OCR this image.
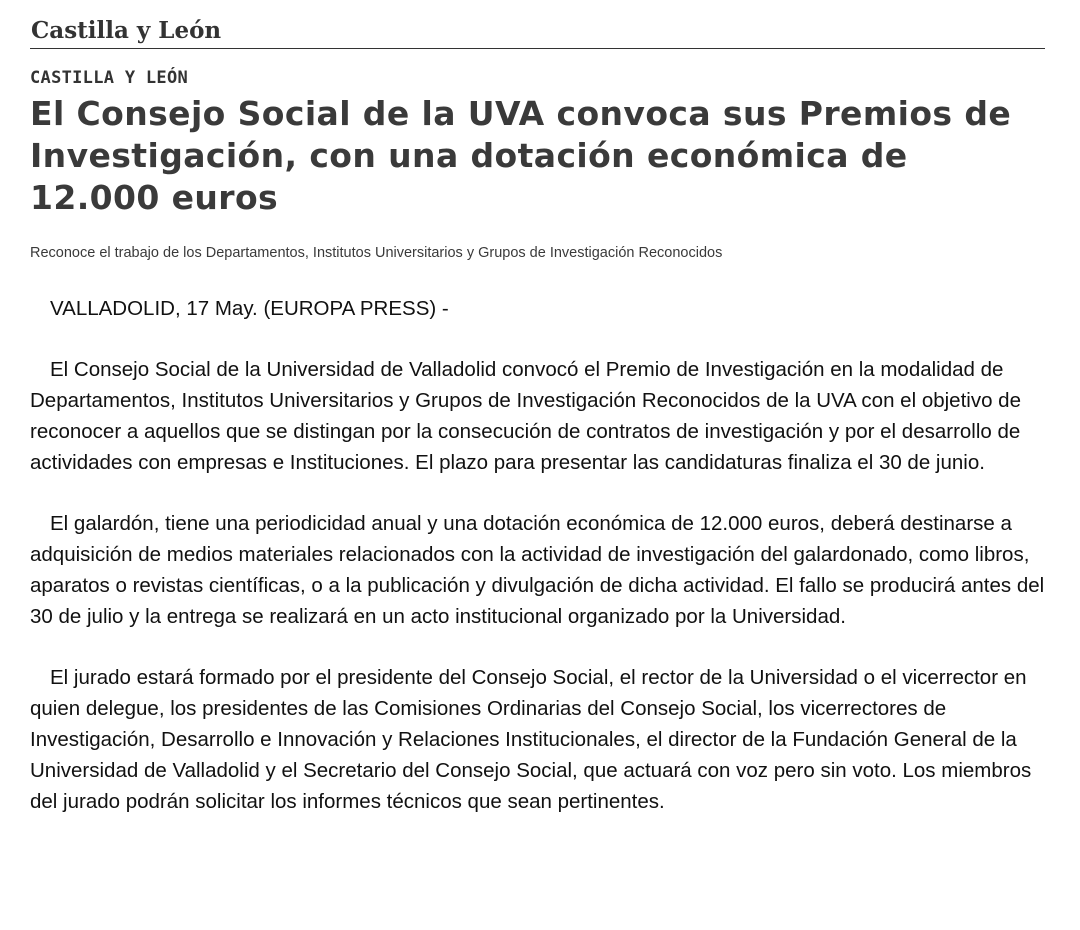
Castilla y León
CASTILLA Y LEÓN
El Consejo Social de la UVA convoca sus Premios de Investigación, con una dotación económica de 12.000 euros
Reconoce el trabajo de los Departamentos, Institutos Universitarios y Grupos de Investigación Reconocidos
VALLADOLID, 17 May. (EUROPA PRESS) -
El Consejo Social de la Universidad de Valladolid convocó el Premio de Investigación en la modalidad de Departamentos, Institutos Universitarios y Grupos de Investigación Reconocidos de la UVA con el objetivo de reconocer a aquellos que se distingan por la consecución de contratos de investigación y por el desarrollo de actividades con empresas e Instituciones. El plazo para presentar las candidaturas finaliza el 30 de junio.
El galardón, tiene una periodicidad anual y una dotación económica de 12.000 euros, deberá destinarse a adquisición de medios materiales relacionados con la actividad de investigación del galardonado, como libros, aparatos o revistas científicas, o a la publicación y divulgación de dicha actividad. El fallo se producirá antes del 30 de julio y la entrega se realizará en un acto institucional organizado por la Universidad.
El jurado estará formado por el presidente del Consejo Social, el rector de la Universidad o el vicerrector en quien delegue, los presidentes de las Comisiones Ordinarias del Consejo Social, los vicerrectores de Investigación, Desarrollo e Innovación y Relaciones Institucionales, el director de la Fundación General de la Universidad de Valladolid y el Secretario del Consejo Social, que actuará con voz pero sin voto. Los miembros del jurado podrán solicitar los informes técnicos que sean pertinentes.
